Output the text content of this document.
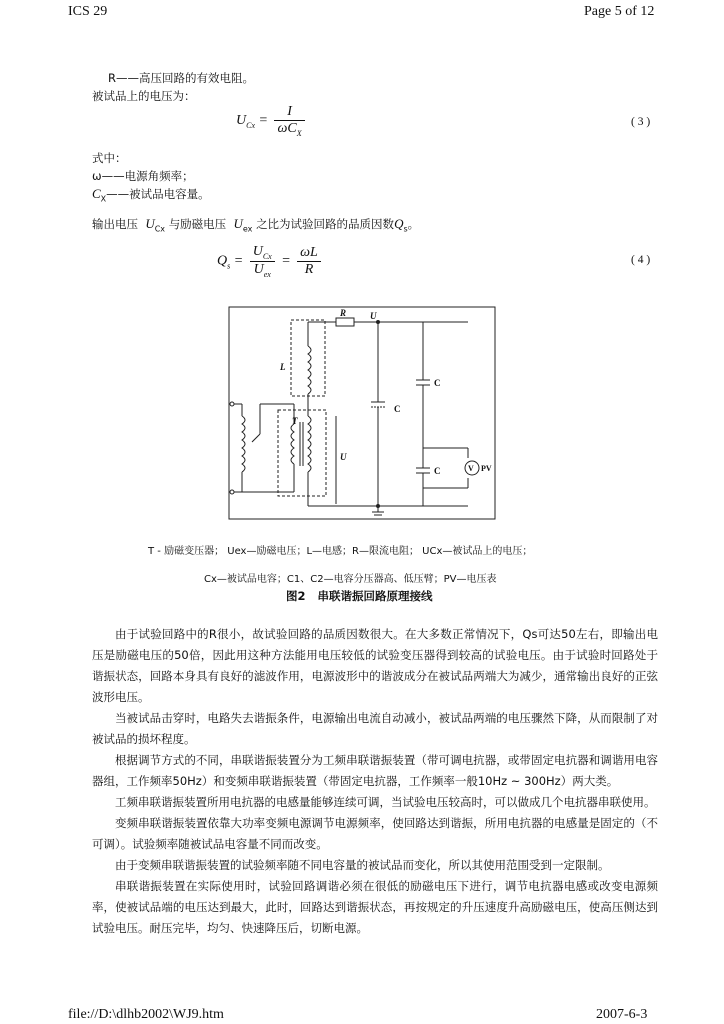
ICS 29	Page 5 of 12
file://D:\dlhb2002\WJ9.htm	2007-6-3
R——高压回路的有效电阻。
被试品上的电压为：
$U_{Cx} = \frac{I}{\omega C_X}$	( 3 )
式中：
ω——电源角频率；
$C_X——$被试品电容量。
输出电压 $U_{Cx}$ 与励磁电压 $U_{ex}$ 之比为试验回路的品质因数$Q_s$。
$Q_s = \frac{U_{Cx}}{U_{ex}} = \frac{\omega L}{R}$	( 4 )
R	U
L
T
U
C
C
C	V PV
T - 励磁变压器； Uex—励磁电压；L—电感；R—限流电阻； UCx—被试品上的电压；
Cx—被试品电容；C1、C2—电容分压器高、低压臂；PV—电压表
图2 串联谐振回路原理接线
由于试验回路中的R很小，故试验回路的品质因数很大。在大多数正常情况下，Qs可达50左右，即输出电压是励磁电压的50倍，因此用这种方法能用电压较低的试验变压器得到较高的试验电压。由于试验时回路处于谐振状态，回路本身具有良好的滤波作用，电源波形中的谐波成分在被试品两端大为减少，通常输出良好的正弦波形电压。
当被试品击穿时，电路失去谐振条件，电源输出电流自动减小，被试品两端的电压骤然下降，从而限制了对被试品的损坏程度。
根据调节方式的不同，串联谐振装置分为工频串联谐振装置（带可调电抗器，或带固定电抗器和调谐用电容器组，工作频率50Hz）和变频串联谐振装置（带固定电抗器，工作频率一般10Hz ~ 300Hz）两大类。
工频串联谐振装置所用电抗器的电感量能够连续可调，当试验电压较高时，可以做成几个电抗器串联使用。
变频串联谐振装置依靠大功率变频电源调节电源频率，使回路达到谐振，所用电抗器的电感量是固定的（不可调）。试验频率随被试品电容量不同而改变。
由于变频串联谐振装置的试验频率随不同电容量的被试品而变化，所以其使用范围受到一定限制。
串联谐振装置在实际使用时，试验回路调谐必须在很低的励磁电压下进行，调节电抗器电感或改变电源频率，使被试品端的电压达到最大，此时，回路达到谐振状态，再按规定的升压速度升高励磁电压，使高压侧达到试验电压。耐压完毕，均匀、快速降压后，切断电源。
